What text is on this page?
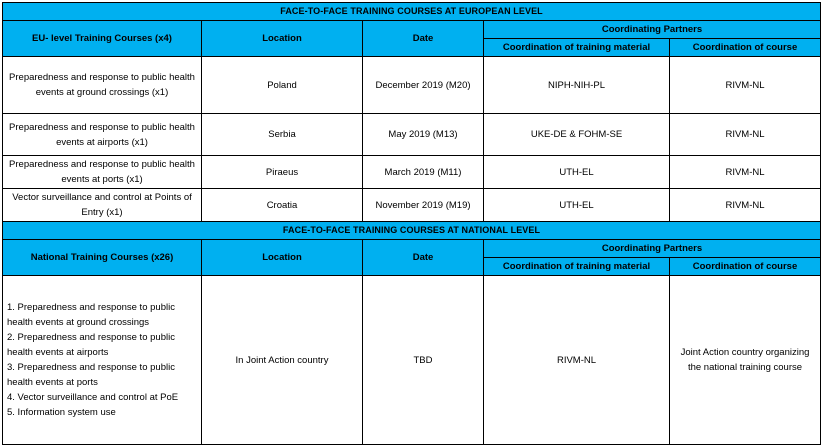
FACE-TO-FACE TRAINING COURSES AT EUROPEAN LEVEL				
EU- level Training Courses (x4)	Location	Date	Coordinating Partners	
			Coordination of training material	Coordination of course
Preparedness and response to public health events at ground crossings (x1)	Poland	December 2019 (M20)	NIPH-NIH-PL	RIVM-NL
Preparedness and response to public health events at airports (x1)	Serbia	May 2019 (M13)	UKE-DE & FOHM-SE	RIVM-NL
Preparedness and response to public health events at ports (x1)	Piraeus	March 2019 (M11)	UTH-EL	RIVM-NL
Vector surveillance and control at Points of Entry (x1)	Croatia	November 2019 (M19)	UTH-EL	RIVM-NL
FACE-TO-FACE TRAINING COURSES AT NATIONAL LEVEL				
National Training Courses (x26)	Location	Date	Coordinating Partners	
			Coordination of training material	Coordination of course

1. Preparedness and response to public health events at ground crossings
2. Preparedness and response to public health events at airports
3. Preparedness and response to public health events at ports
4. Vector surveillance and control at PoE
5. Information system use	In Joint Action country	TBD	RIVM-NL	Joint Action country organizing the national training course
